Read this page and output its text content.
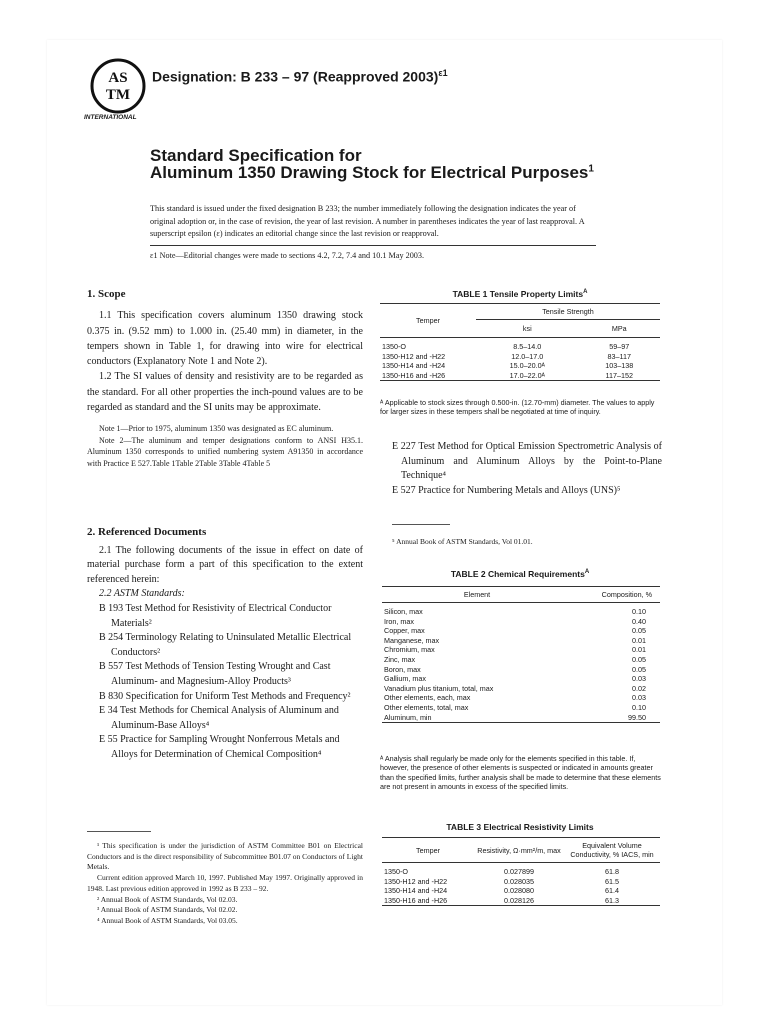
AS
TM
INTERNATIONAL
Designation: B 233 – 97 (Reapproved 2003)$^{\varepsilon 1}$
Standard Specification for
Aluminum 1350 Drawing Stock for Electrical Purposes$^1$
This standard is issued under the fixed designation B 233; the number immediately following the designation indicates the year of original adoption or, in the case of revision, the year of last revision. A number in parentheses indicates the year of last reapproval. A superscript epsilon (ε) indicates an editorial change since the last revision or reapproval.
ε1 Note—Editorial changes were made to sections 4.2, 7.2, 7.4 and 10.1 May 2003.
1. Scope
1.1 This specification covers aluminum 1350 drawing stock 0.375 in. (9.52 mm) to 1.000 in. (25.40 mm) in diameter, in the tempers shown in Table 1, for drawing into wire for electrical conductors (Explanatory Note 1 and Note 2).
1.2 The SI values of density and resistivity are to be regarded as the standard. For all other properties the inch-pound values are to be regarded as standard and the SI units may be approximate.
Note 1—Prior to 1975, aluminum 1350 was designated as EC aluminum.
Note 2—The aluminum and temper designations conform to ANSI H35.1. Aluminum 1350 corresponds to unified numbering system A91350 in accordance with Practice E 527.Table 1Table 2Table 3Table 4Table 5
2. Referenced Documents
2.1 The following documents of the issue in effect on date of material purchase form a part of this specification to the extent referenced herein:
2.2 ASTM Standards:
B 193 Test Method for Resistivity of Electrical Conductor Materials²
B 254 Terminology Relating to Uninsulated Metallic Electrical Conductors²
B 557 Test Methods of Tension Testing Wrought and Cast Aluminum- and Magnesium-Alloy Products³
B 830 Specification for Uniform Test Methods and Frequency²
E 34 Test Methods for Chemical Analysis of Aluminum and Aluminum-Base Alloys⁴
E 55 Practice for Sampling Wrought Nonferrous Metals and Alloys for Determination of Chemical Composition⁴
¹ This specification is under the jurisdiction of ASTM Committee B01 on Electrical Conductors and is the direct responsibility of Subcommittee B01.07 on Conductors of Light Metals.
Current edition approved March 10, 1997. Published May 1997. Originally approved in 1948. Last previous edition approved in 1992 as B 233 – 92.
² Annual Book of ASTM Standards, Vol 02.03.
³ Annual Book of ASTM Standards, Vol 02.02.
⁴ Annual Book of ASTM Standards, Vol 03.05.
TABLE 1 Tensile Property Limits$^A$
Temper	Tensile Strength	
	ksi	MPa
1350-O	8.5–14.0	59–97
1350-H12 and -H22	12.0–17.0	83–117
1350-H14 and -H24	15.0–20.0ᴬ	103–138
1350-H16 and -H26	17.0–22.0ᴬ	117–152
ᴬ Applicable to stock sizes through 0.500-in. (12.70-mm) diameter. The values to apply for larger sizes in these tempers shall be negotiated at time of inquiry.
E 227 Test Method for Optical Emission Spectrometric Analysis of Aluminum and Aluminum Alloys by the Point-to-Plane Technique⁴
E 527 Practice for Numbering Metals and Alloys (UNS)⁵
⁵ Annual Book of ASTM Standards, Vol 01.01.
TABLE 2 Chemical Requirements$^A$
Element	Composition, %
Silicon, max	0.10
Iron, max	0.40
Copper, max	0.05
Manganese, max	0.01
Chromium, max	0.01
Zinc, max	0.05
Boron, max	0.05
Gallium, max	0.03
Vanadium plus titanium, total, max	0.02
Other elements, each, max	0.03
Other elements, total, max	0.10
Aluminum, min	99.50
ᴬ Analysis shall regularly be made only for the elements specified in this table. If, however, the presence of other elements is suspected or indicated in amounts greater than the specified limits, further analysis shall be made to determine that these elements are not present in amounts in excess of the specified limits.
TABLE 3 Electrical Resistivity Limits
Temper	Resistivity, Ω·mm²/m, max	Equivalent Volume Conductivity, % IACS, min
1350-O	0.027899	61.8
1350-H12 and -H22	0.028035	61.5
1350-H14 and -H24	0.028080	61.4
1350-H16 and -H26	0.028126	61.3
